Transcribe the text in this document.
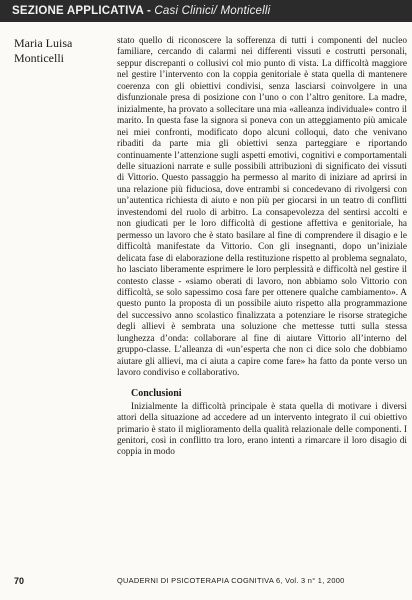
SEZIONE APPLICATIVA - Casi Clinici/ Monticelli
Maria Luisa
Monticelli

stato quello di riconoscere la sofferenza di tutti i componenti del nucleo familiare, cercando di calarmi nei differenti vissuti e costrutti personali, seppur discrepanti o collusivi col mio punto di vista. La difficoltà maggiore nel gestire l’intervento con la coppia genitoriale è stata quella di mantenere coerenza con gli obiettivi condivisi, senza lasciarsi coinvolgere in una disfunzionale presa di posizione con l’uno o con l’altro genitore. La madre, inizialmente, ha provato a sollecitare una mia «alleanza individuale» contro il marito. In questa fase la signora si poneva con un atteggiamento più amicale nei miei confronti, modificato dopo alcuni colloqui, dato che venivano ribaditi da parte mia gli obiettivi senza parteggiare e riportando continuamente l’attenzione sugli aspetti emotivi, cognitivi e comportamentali delle situazioni narrate e sulle possibili attribuzioni di significato dei vissuti di Vittorio. Questo passaggio ha permesso al marito di iniziare ad aprirsi in una relazione più fiduciosa, dove entrambi si concedevano di rivolgersi con un’autentica richiesta di aiuto e non più per giocarsi in un teatro di conflitti investendomi del ruolo di arbitro. La consapevolezza del sentirsi accolti e non giudicati per le loro difficoltà di gestione affettiva e genitoriale, ha permesso un lavoro che è stato basilare al fine di comprendere il disagio e le difficoltà manifestate da Vittorio. Con gli insegnanti, dopo un’iniziale delicata fase di elaborazione della restituzione rispetto al problema segnalato, ho lasciato liberamente esprimere le loro perplessità e difficoltà nel gestire il contesto classe - «siamo oberati di lavoro, non abbiamo solo Vittorio con difficoltà, se solo sapessimo cosa fare per ottenere qualche cambiamento». A questo punto la proposta di un possibile aiuto rispetto alla programmazione del successivo anno scolastico finalizzata a potenziare le risorse strategiche degli allievi è sembrata una soluzione che mettesse tutti sulla stessa lunghezza d’onda: collaborare al fine di aiutare Vittorio all’interno del gruppo-classe. L’alleanza di «un’esperta che non ci dice solo che dobbiamo aiutare gli allievi, ma ci aiuta a capire come fare» ha fatto da ponte verso un lavoro condiviso e collaborativo.

Conclusioni

Inizialmente la difficoltà principale è stata quella di motivare i diversi attori della situazione ad accedere ad un intervento integrato il cui obiettivo primario è stato il miglioramento della qualità relazionale delle componenti. I genitori, così in conflitto tra loro, erano intenti a rimarcare il loro disagio di coppia in modo

70	QUADERNI DI PSICOTERAPIA COGNITIVA 6, Vol. 3 n° 1, 2000
